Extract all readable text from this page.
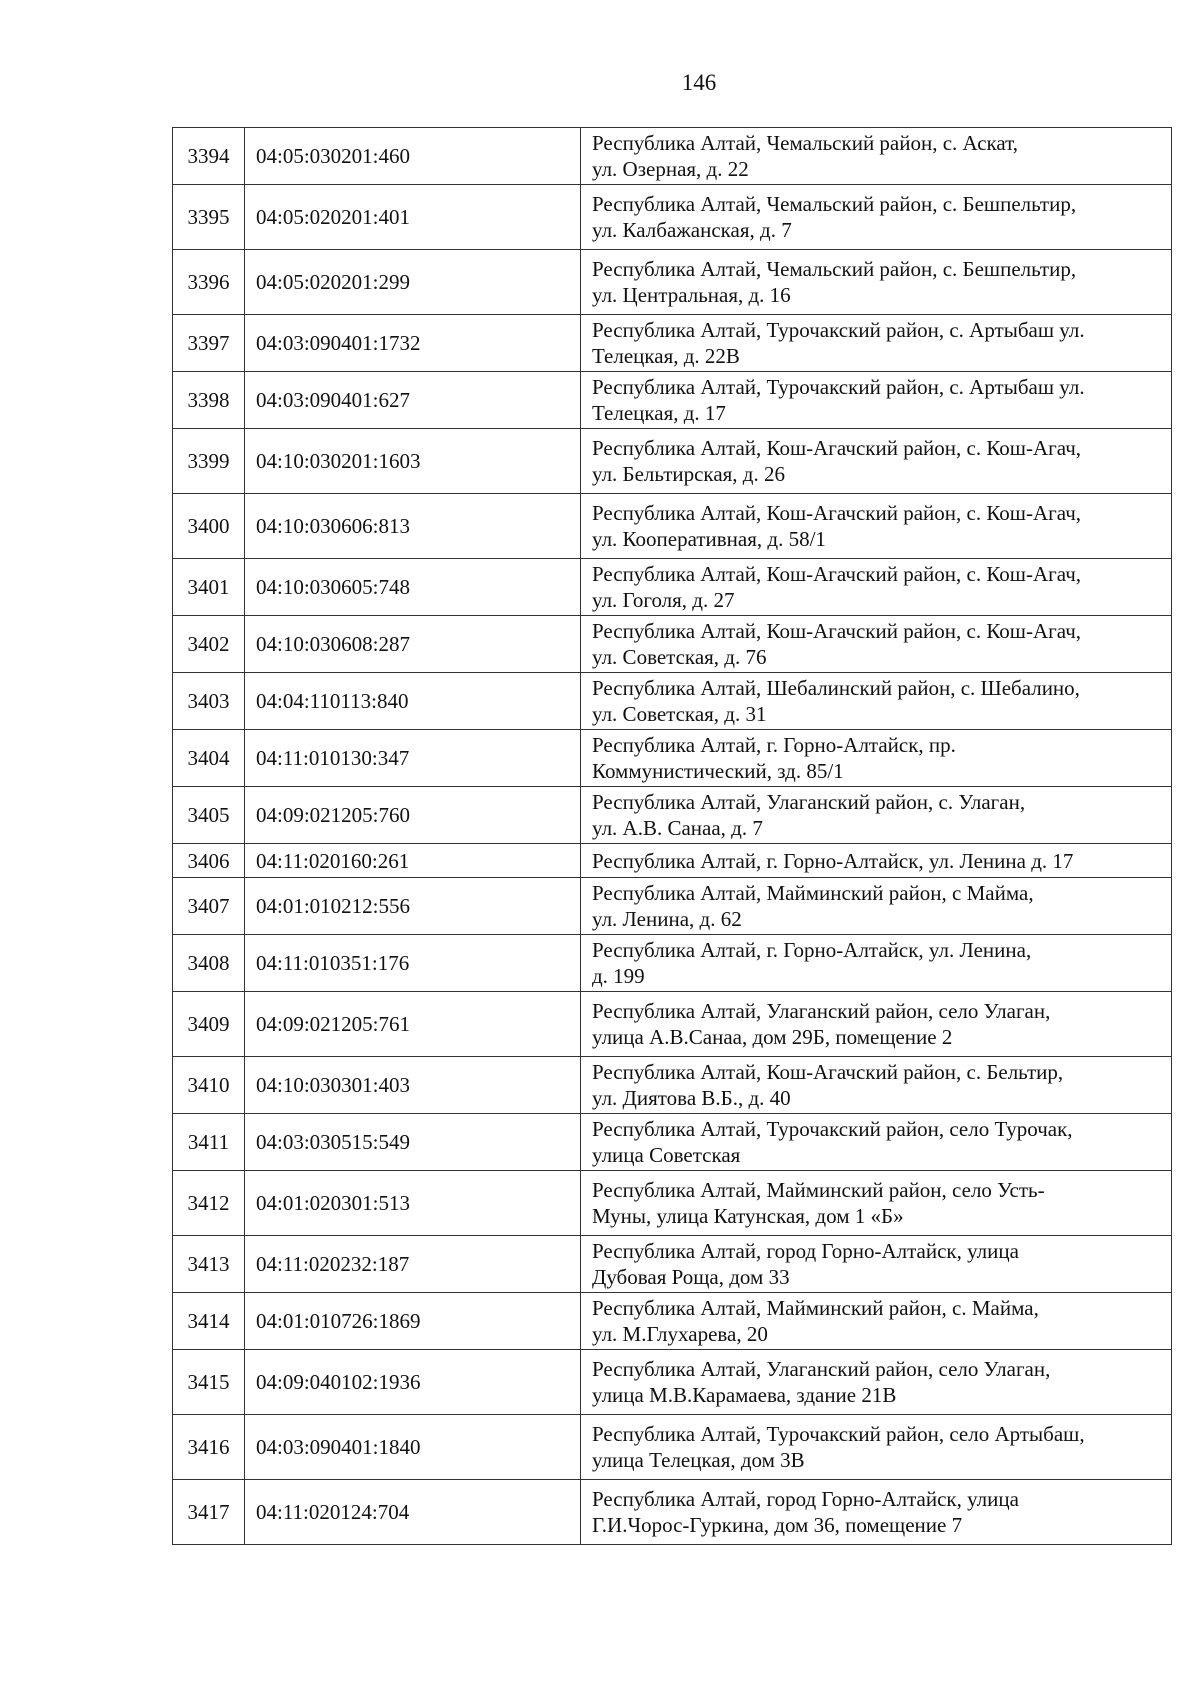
146
3394	04:05:030201:460	Республика Алтай, Чемальский район, с. Аскат,
ул. Озерная, д. 22

3395	04:05:020201:401	Республика Алтай, Чемальский район, с. Бешпельтир,
ул. Калбажанская, д. 7

3396	04:05:020201:299	Республика Алтай, Чемальский район, с. Бешпельтир,
ул. Центральная, д. 16

3397	04:03:090401:1732	Республика Алтай, Турочакский район, с. Артыбаш ул.
Телецкая, д. 22В

3398	04:03:090401:627	Республика Алтай, Турочакский район, с. Артыбаш ул.
Телецкая, д. 17

3399	04:10:030201:1603	Республика Алтай, Кош-Агачский район, с. Кош-Агач,
ул. Бельтирская, д. 26

3400	04:10:030606:813	Республика Алтай, Кош-Агачский район, с. Кош-Агач,
ул. Кооперативная, д. 58/1

3401	04:10:030605:748	Республика Алтай, Кош-Агачский район, с. Кош-Агач,
ул. Гоголя, д. 27

3402	04:10:030608:287	Республика Алтай, Кош-Агачский район, с. Кош-Агач,
ул. Советская, д. 76

3403	04:04:110113:840	Республика Алтай, Шебалинский район, с. Шебалино,
ул. Советская, д. 31

3404	04:11:010130:347	Республика Алтай, г. Горно-Алтайск, пр.
Коммунистический, зд. 85/1

3405	04:09:021205:760	Республика Алтай, Улаганский район, с. Улаган,
ул. А.В. Санаа, д. 7

3406	04:11:020160:261	Республика Алтай, г. Горно-Алтайск, ул. Ленина д. 17

3407	04:01:010212:556	Республика Алтай, Майминский район, с Майма,
ул. Ленина, д. 62

3408	04:11:010351:176	Республика Алтай, г. Горно-Алтайск, ул. Ленина,
д. 199

3409	04:09:021205:761	Республика Алтай, Улаганский район, село Улаган,
улица А.В.Санаа, дом 29Б, помещение 2

3410	04:10:030301:403	Республика Алтай, Кош-Агачский район, с. Бельтир,
ул. Диятова В.Б., д. 40

3411	04:03:030515:549	Республика Алтай, Турочакский район, село Турочак,
улица Советская

3412	04:01:020301:513	Республика Алтай, Майминский район, село Усть-
Муны, улица Катунская, дом 1 «Б»

3413	04:11:020232:187	Республика Алтай, город Горно-Алтайск, улица
Дубовая Роща, дом 33

3414	04:01:010726:1869	Республика Алтай, Майминский район, с. Майма,
ул. М.Глухарева, 20

3415	04:09:040102:1936	Республика Алтай, Улаганский район, село Улаган,
улица М.В.Карамаева, здание 21В

3416	04:03:090401:1840	Республика Алтай, Турочакский район, село Артыбаш,
улица Телецкая, дом 3В

3417	04:11:020124:704	Республика Алтай, город Горно-Алтайск, улица
Г.И.Чорос-Гуркина, дом 36, помещение 7
